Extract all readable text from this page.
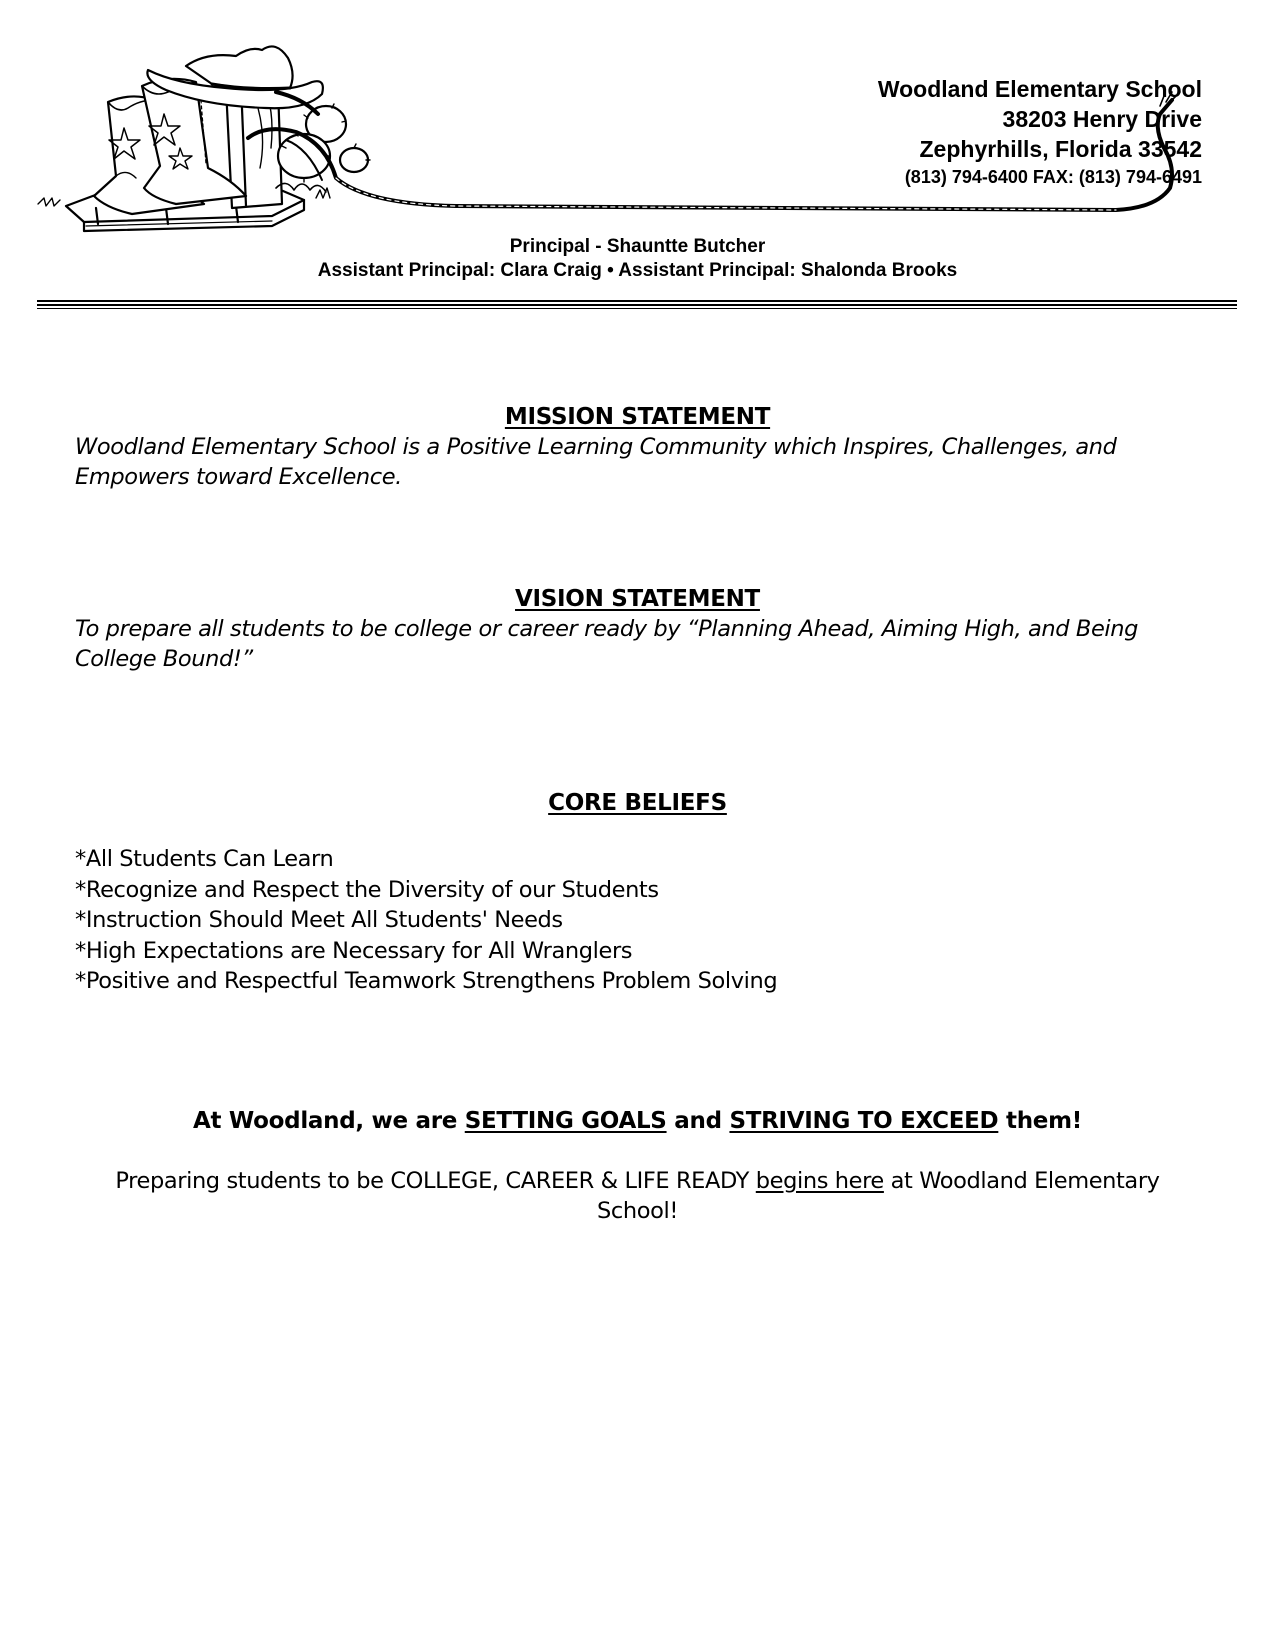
Woodland Elementary School
38203 Henry Drive
Zephyrhills, Florida 33542
(813) 794-6400 FAX: (813) 794-6491
Principal - Shauntte Butcher
Assistant Principal: Clara Craig • Assistant Principal: Shalonda Brooks
MISSION STATEMENT
Woodland Elementary School is a Positive Learning Community which Inspires, Challenges, and Empowers toward Excellence.
VISION STATEMENT
To prepare all students to be college or career ready by “Planning Ahead, Aiming High, and Being College Bound!”
CORE BELIEFS
*All Students Can Learn
*Recognize and Respect the Diversity of our Students
*Instruction Should Meet All Students' Needs
*High Expectations are Necessary for All Wranglers
*Positive and Respectful Teamwork Strengthens Problem Solving
At Woodland, we are SETTING GOALS and STRIVING TO EXCEED them!
Preparing students to be COLLEGE, CAREER & LIFE READY begins here at Woodland Elementary School!
